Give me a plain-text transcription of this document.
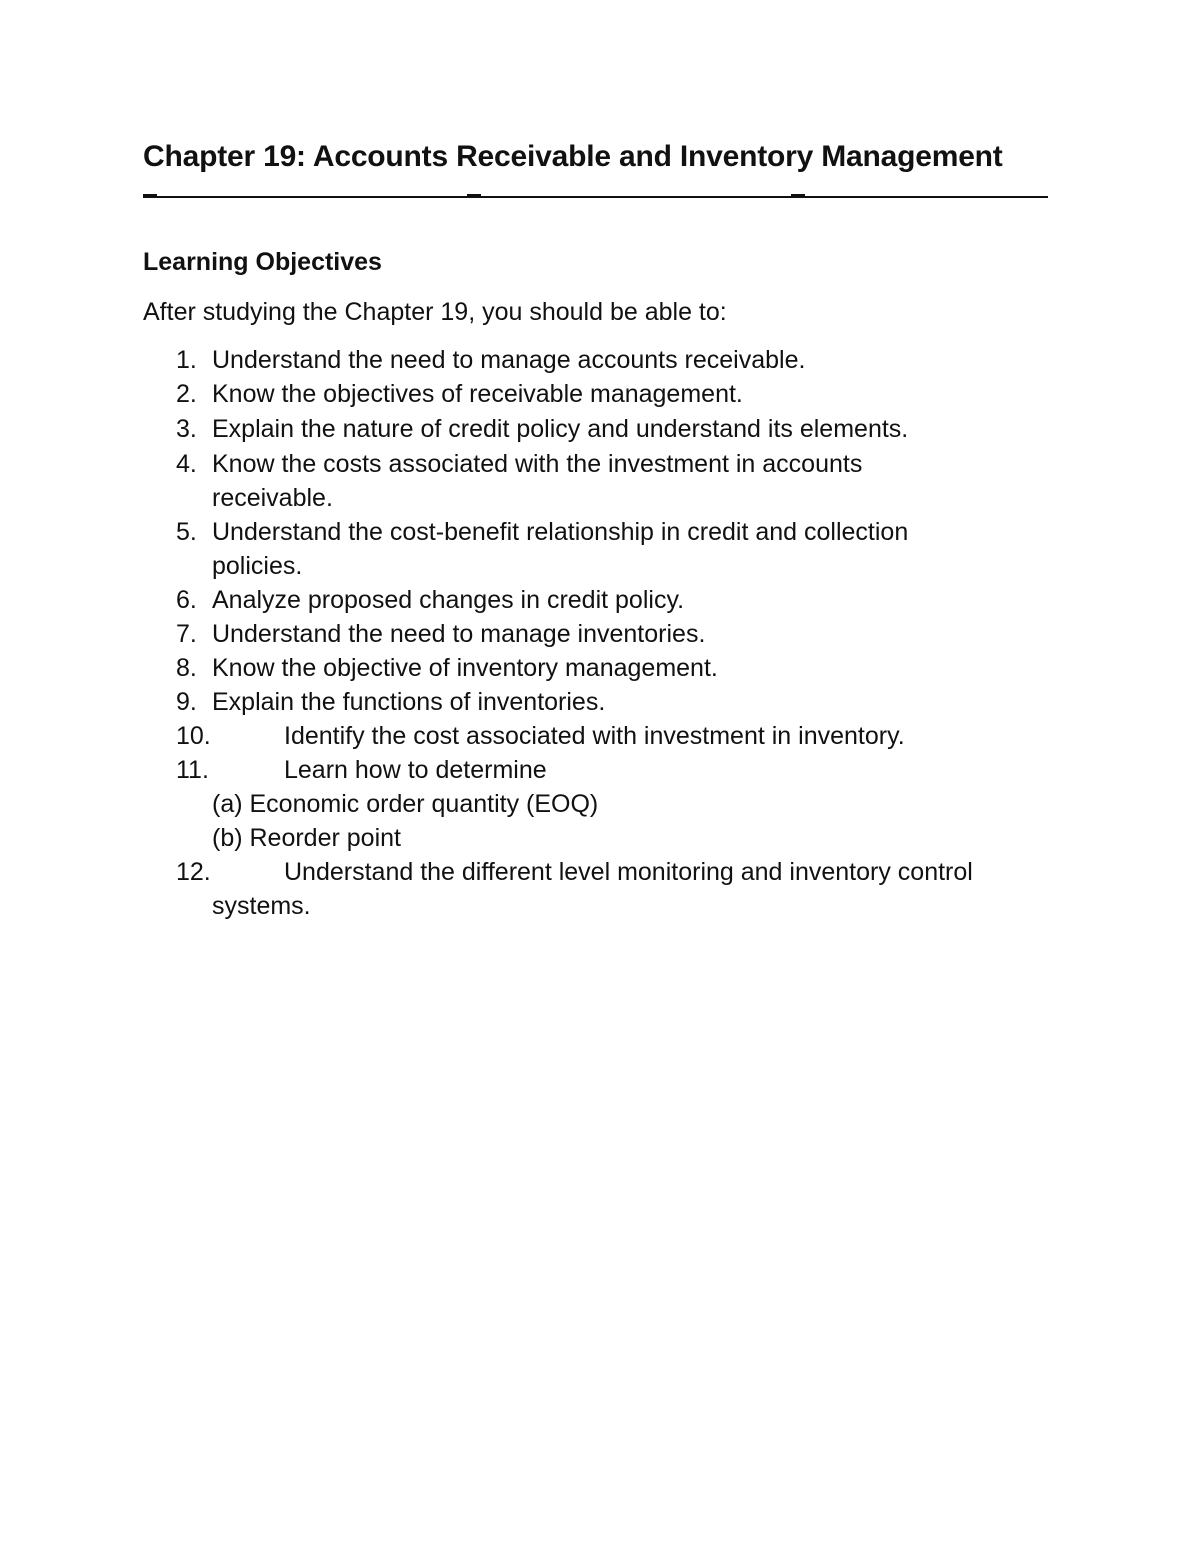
Chapter 19: Accounts Receivable and Inventory Management
Learning Objectives

After studying the Chapter 19, you should be able to:

1. Understand the need to manage accounts receivable.
2. Know the objectives of receivable management.
3. Explain the nature of credit policy and understand its elements.
4. Know the costs associated with the investment in accounts
receivable.
5. Understand the cost-benefit relationship in credit and collection
policies.
6. Analyze proposed changes in credit policy.
7. Understand the need to manage inventories.
8. Know the objective of inventory management.
9. Explain the functions of inventories.
10.	Identify the cost associated with investment in inventory.
11.	Learn how to determine
(a) Economic order quantity (EOQ)
(b) Reorder point
12.	Understand the different level monitoring and inventory control
systems.
